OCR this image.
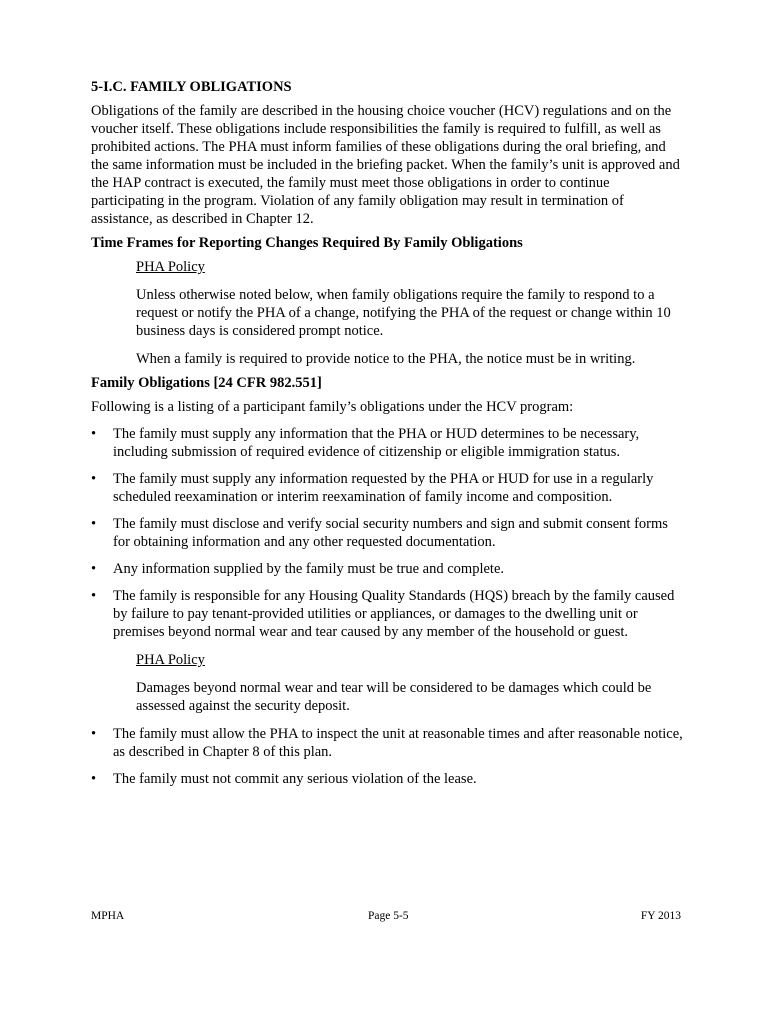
5-I.C. FAMILY OBLIGATIONS

Obligations of the family are described in the housing choice voucher (HCV) regulations and on the voucher itself. These obligations include responsibilities the family is required to fulfill, as well as prohibited actions. The PHA must inform families of these obligations during the oral briefing, and the same information must be included in the briefing packet. When the family’s unit is approved and the HAP contract is executed, the family must meet those obligations in order to continue participating in the program. Violation of any family obligation may result in termination of assistance, as described in Chapter 12.

Time Frames for Reporting Changes Required By Family Obligations

PHA Policy

Unless otherwise noted below, when family obligations require the family to respond to a request or notify the PHA of a change, notifying the PHA of the request or change within 10 business days is considered prompt notice.

When a family is required to provide notice to the PHA, the notice must be in writing.

Family Obligations [24 CFR 982.551]

Following is a listing of a participant family’s obligations under the HCV program:

•	The family must supply any information that the PHA or HUD determines to be necessary, including submission of required evidence of citizenship or eligible immigration status.
•	The family must supply any information requested by the PHA or HUD for use in a regularly scheduled reexamination or interim reexamination of family income and composition.
•	The family must disclose and verify social security numbers and sign and submit consent forms for obtaining information and any other requested documentation.
•	Any information supplied by the family must be true and complete.
•	The family is responsible for any Housing Quality Standards (HQS) breach by the family caused by failure to pay tenant-provided utilities or appliances, or damages to the dwelling unit or premises beyond normal wear and tear caused by any member of the household or guest.

PHA Policy

Damages beyond normal wear and tear will be considered to be damages which could be assessed against the security deposit.

•	The family must allow the PHA to inspect the unit at reasonable times and after reasonable notice, as described in Chapter 8 of this plan.
•	The family must not commit any serious violation of the lease.
MPHA	Page 5-5	FY 2013
